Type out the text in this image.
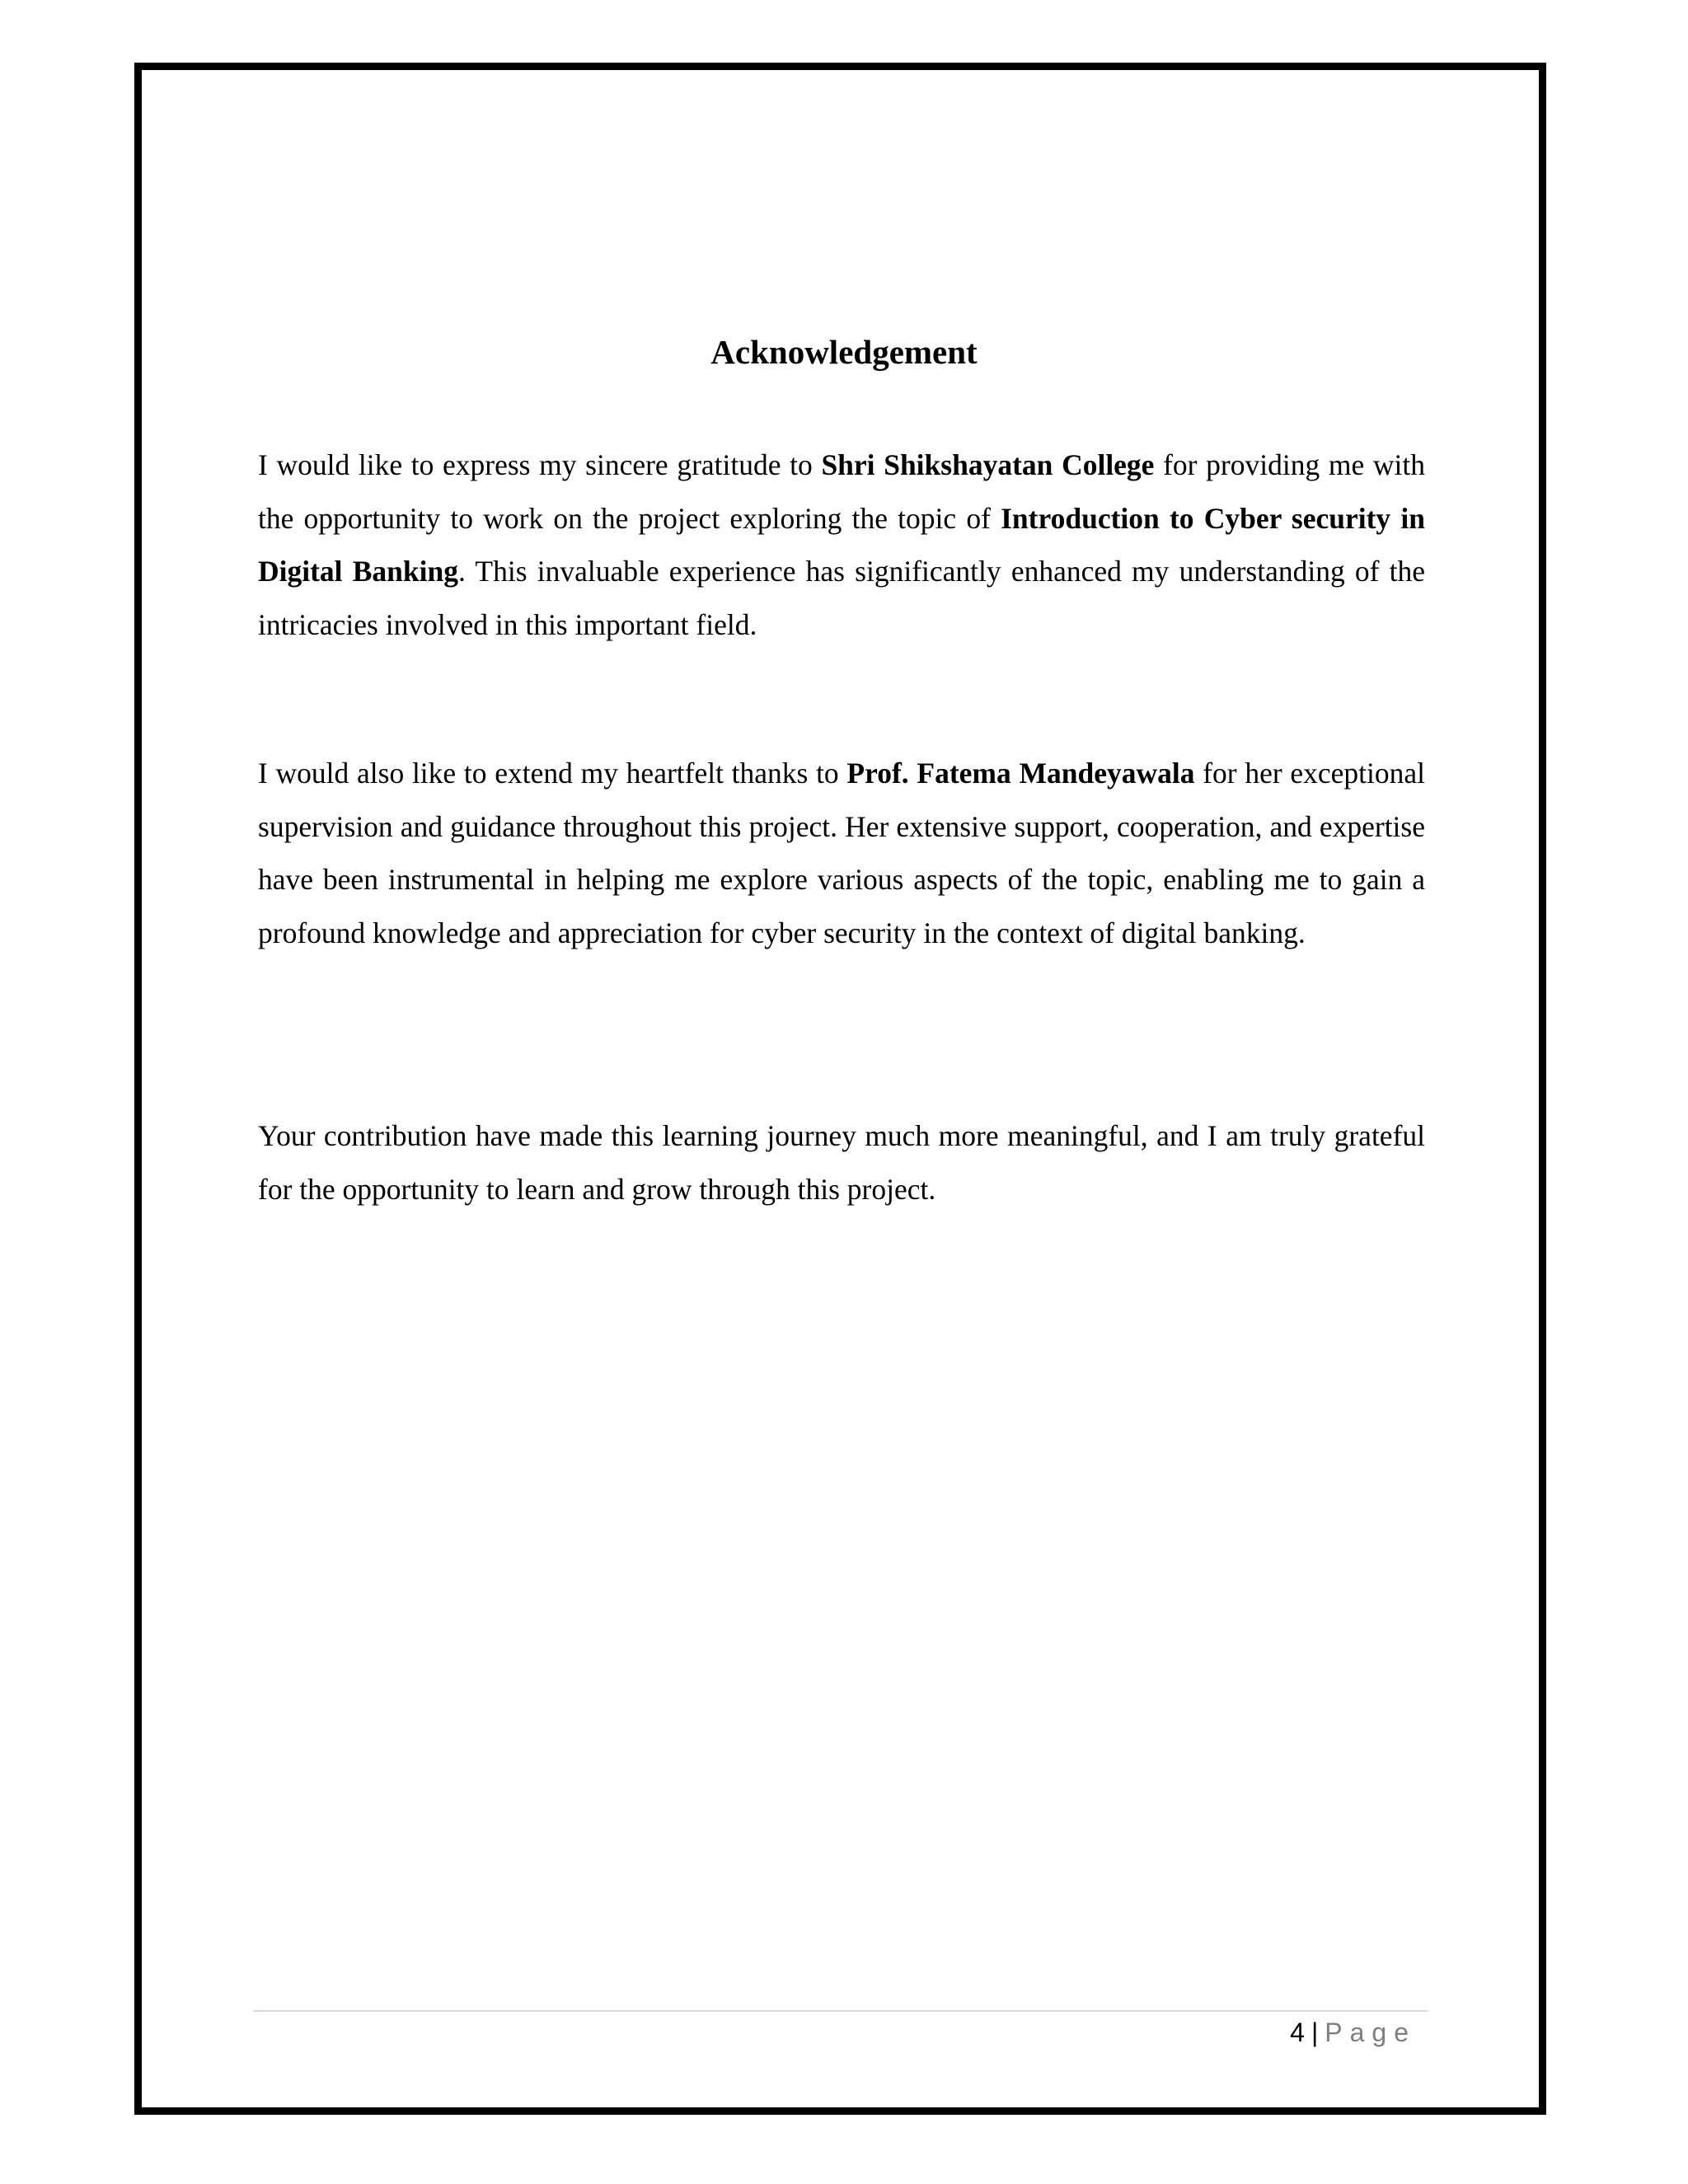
Acknowledgement

I would like to express my sincere gratitude to Shri Shikshayatan College for providing me with the opportunity to work on the project exploring the topic of Introduction to Cyber security in Digital Banking. This invaluable experience has significantly enhanced my understanding of the intricacies involved in this important field.

I would also like to extend my heartfelt thanks to Prof. Fatema Mandeyawala for her exceptional supervision and guidance throughout this project. Her extensive support, cooperation, and expertise have been instrumental in helping me explore various aspects of the topic, enabling me to gain a profound knowledge and appreciation for cyber security in the context of digital banking.

Your contribution have made this learning journey much more meaningful, and I am truly grateful for the opportunity to learn and grow through this project.

4 | Page
